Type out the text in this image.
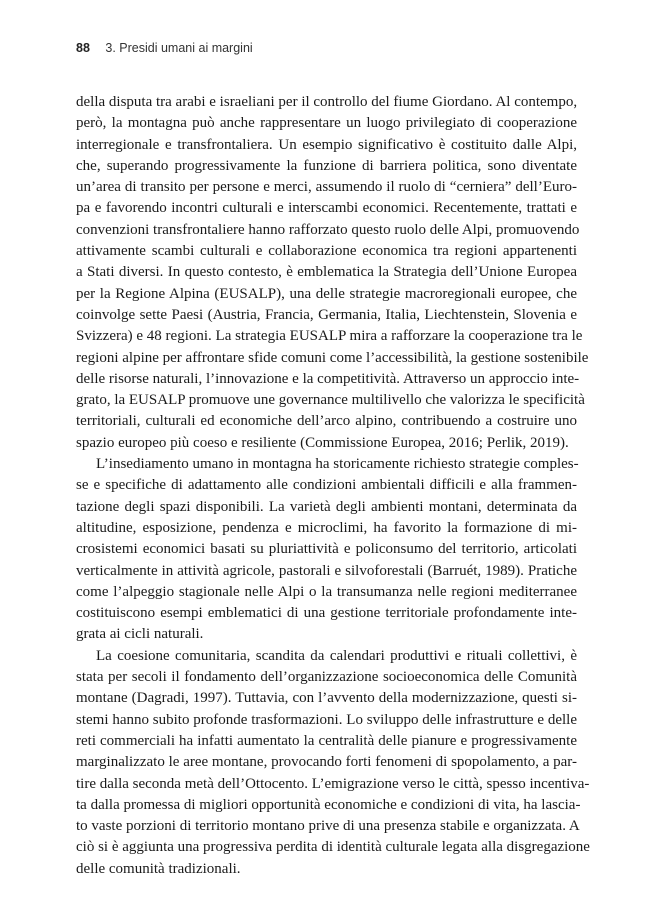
88 3. Presidi umani ai margini
della disputa tra arabi e israeliani per il controllo del fiume Giordano. Al contempo,
però, la montagna può anche rappresentare un luogo privilegiato di cooperazione
interregionale e transfrontaliera. Un esempio significativo è costituito dalle Alpi,
che, superando progressivamente la funzione di barriera politica, sono diventate
un’area di transito per persone e merci, assumendo il ruolo di “cerniera” dell’Euro-
pa e favorendo incontri culturali e interscambi economici. Recentemente, trattati e
convenzioni transfrontaliere hanno rafforzato questo ruolo delle Alpi, promuovendo
attivamente scambi culturali e collaborazione economica tra regioni appartenenti
a Stati diversi. In questo contesto, è emblematica la Strategia dell’Unione Europea
per la Regione Alpina (EUSALP), una delle strategie macroregionali europee, che
coinvolge sette Paesi (Austria, Francia, Germania, Italia, Liechtenstein, Slovenia e
Svizzera) e 48 regioni. La strategia EUSALP mira a rafforzare la cooperazione tra le
regioni alpine per affrontare sfide comuni come l’accessibilità, la gestione sostenibile
delle risorse naturali, l’innovazione e la competitività. Attraverso un approccio inte-
grato, la EUSALP promuove une governance multilivello che valorizza le specificità
territoriali, culturali ed economiche dell’arco alpino, contribuendo a costruire uno
spazio europeo più coeso e resiliente (Commissione Europea, 2016; Perlik, 2019).
L’insediamento umano in montagna ha storicamente richiesto strategie comples-
se e specifiche di adattamento alle condizioni ambientali difficili e alla frammen-
tazione degli spazi disponibili. La varietà degli ambienti montani, determinata da
altitudine, esposizione, pendenza e microclimi, ha favorito la formazione di mi-
crosistemi economici basati su pluriattività e policonsumo del territorio, articolati
verticalmente in attività agricole, pastorali e silvoforestali (Barruét, 1989). Pratiche
come l’alpeggio stagionale nelle Alpi o la transumanza nelle regioni mediterranee
costituiscono esempi emblematici di una gestione territoriale profondamente inte-
grata ai cicli naturali.
La coesione comunitaria, scandita da calendari produttivi e rituali collettivi, è
stata per secoli il fondamento dell’organizzazione socioeconomica delle Comunità
montane (Dagradi, 1997). Tuttavia, con l’avvento della modernizzazione, questi si-
stemi hanno subito profonde trasformazioni. Lo sviluppo delle infrastrutture e delle
reti commerciali ha infatti aumentato la centralità delle pianure e progressivamente
marginalizzato le aree montane, provocando forti fenomeni di spopolamento, a par-
tire dalla seconda metà dell’Ottocento. L’emigrazione verso le città, spesso incentiva-
ta dalla promessa di migliori opportunità economiche e condizioni di vita, ha lascia-
to vaste porzioni di territorio montano prive di una presenza stabile e organizzata. A
ciò si è aggiunta una progressiva perdita di identità culturale legata alla disgregazione
delle comunità tradizionali.
